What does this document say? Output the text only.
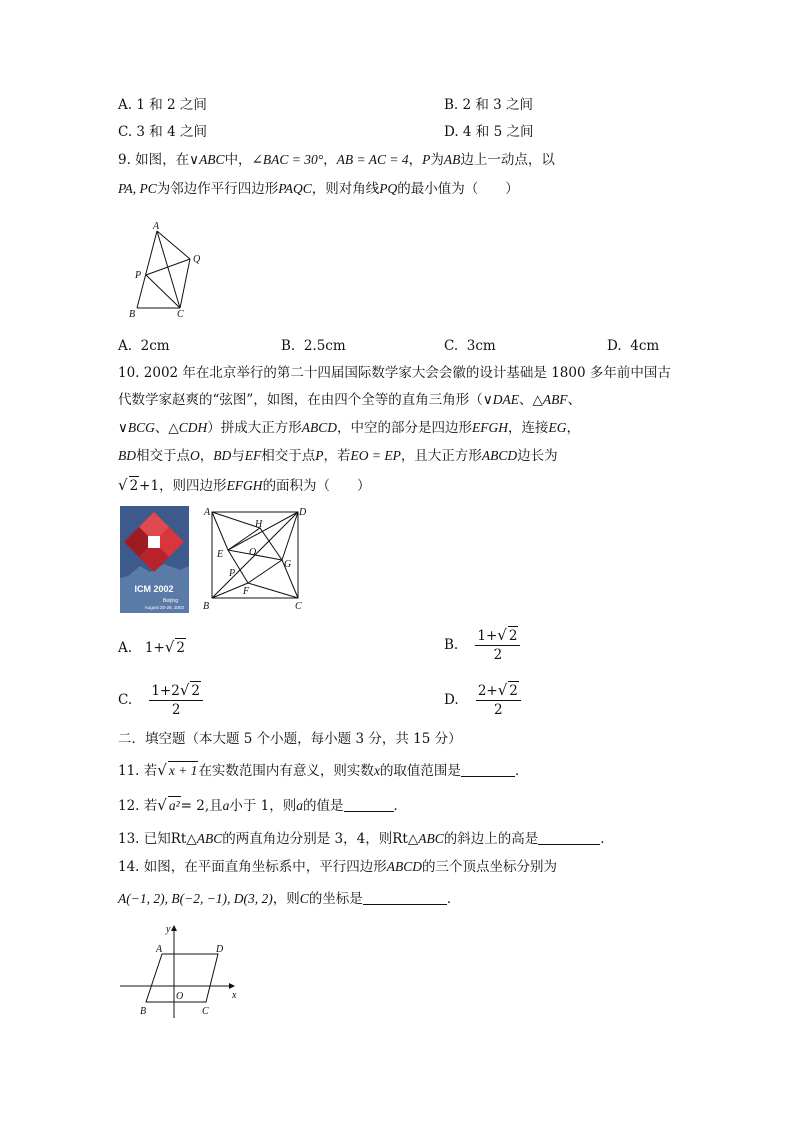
A. 1 和 2 之间	B. 2 和 3 之间
C. 3 和 4 之间	D. 4 和 5 之间
9. 如图，在∨ABC中，∠BAC = 30°，AB = AC = 4，P为AB边上一动点，以
PA, PC为邻边作平行四边形PAQC，则对角线PQ的最小值为（　　）
A
Q
P
B	C
A. 2cm	B. 2.5cm	C. 3cm	D. 4cm
10. 2002 年在北京举行的第二十四届国际数学家大会会徽的设计基础是 1800 多年前中国古
代数学家赵爽的“弦图”，如图，在由四个全等的直角三角形（∨DAE、△ABF、
∨BCG、△CDH）拼成大正方形ABCD，中空的部分是四边形EFGH，连接EG，
BD相交于点O，BD与EF相交于点P，若EO = EP，且大正方形ABCD边长为
√ 2+1，则四边形EFGH的面积为（　　）
ICM 2002
Beijing
August 20-28, 2002
A	D
H
E	O
G
P
F
B	C
A. 1+√ 2	B. $\frac{1+√ 2}{2}$
C. $\frac{1+2√ 2}{2}$	D. $\frac{2+√ 2}{2}$
二．填空题（本大题 5 个小题，每小题 3 分，共 15 分）
11. 若√ x + 1在实数范围内有意义，则实数x的取值范围是	．
12. 若√ a²= 2,且a小于 1，则a的值是	．
13. 已知Rt△ABC的两直角边分别是 3，4，则Rt△ABC的斜边上的高是	．
14. 如图，在平面直角坐标系中，平行四边形ABCD的三个顶点坐标分别为
A(−1, 2), B(−2, −1), D(3, 2)，则C的坐标是	．
y
x
A	D
O
B	C
